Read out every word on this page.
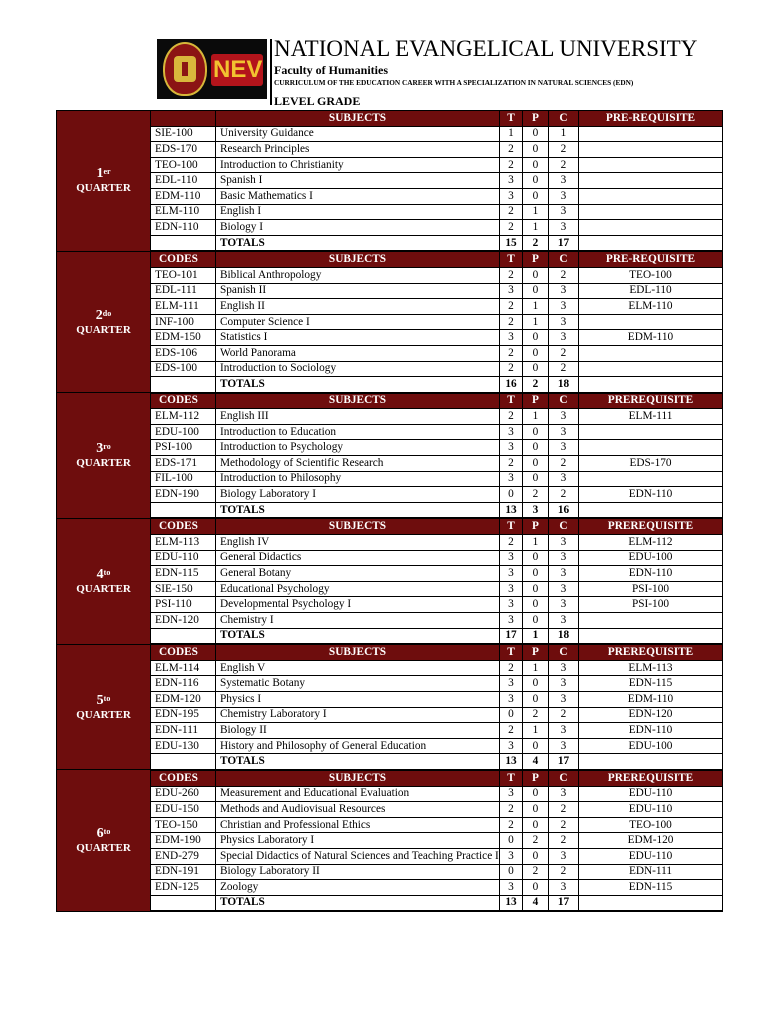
NEV
NATIONAL EVANGELICAL UNIVERSITY
Faculty of Humanities
CURRICULUM OF THE EDUCATION CAREER WITH A SPECIALIZATION IN NATURAL SCIENCES (EDN)
LEVEL GRADE
1er
QUARTER		SUBJECTS	T	P	C	PRE-REQUISITE
	SIE-100	University Guidance	1	0	1	
	EDS-170	Research Principles	2	0	2	
	TEO-100	Introduction to Christianity	2	0	2	
	EDL-110	Spanish I	3	0	3	
	EDM-110	Basic Mathematics I	3	0	3	
	ELM-110	English I	2	1	3	
	EDN-110	Biology I	2	1	3	
		TOTALS	15	2	17	

$2^{do}$
QUARTER	CODES	SUBJECTS	T	P	C	PRE-REQUISITE
	TEO-101	Biblical Anthropology	2	0	2	TEO-100
	EDL-111	Spanish II	3	0	3	EDL-110
	ELM-111	English II	2	1	3	ELM-110
	INF-100	Computer Science I	2	1	3	
	EDM-150	Statistics I	3	0	3	EDM-110
	EDS-106	World Panorama	2	0	2	
	EDS-100	Introduction to Sociology	2	0	2	
		TOTALS	16	2	18	

$3^{ro}$
QUARTER	CODES	SUBJECTS	T	P	C	PREREQUISITE
	ELM-112	English III	2	1	3	ELM-111
	EDU-100	Introduction to Education	3	0	3	
	PSI-100	Introduction to Psychology	3	0	3	
	EDS-171	Methodology of Scientific Research	2	0	2	EDS-170
	FIL-100	Introduction to Philosophy	3	0	3	
	EDN-190	Biology Laboratory I	0	2	2	EDN-110
		TOTALS	13	3	16	

$4^{to}$
QUARTER	CODES	SUBJECTS	T	P	C	PREREQUISITE
	ELM-113	English IV	2	1	3	ELM-112
	EDU-110	General Didactics	3	0	3	EDU-100
	EDN-115	General Botany	3	0	3	EDN-110
	SIE-150	Educational Psychology	3	0	3	PSI-100
	PSI-110	Developmental Psychology I	3	0	3	PSI-100
	EDN-120	Chemistry I	3	0	3	
		TOTALS	17	1	18	

$5^{to}$
QUARTER	CODES	SUBJECTS	T	P	C	PREREQUISITE
	ELM-114	English V	2	1	3	ELM-113
	EDN-116	Systematic Botany	3	0	3	EDN-115
	EDM-120	Physics I	3	0	3	EDM-110
	EDN-195	Chemistry Laboratory I	0	2	2	EDN-120
	EDN-111	Biology II	2	1	3	EDN-110
	EDU-130	History and Philosophy of General Education	3	0	3	EDU-100
		TOTALS	13	4	17	

$6^{to}$
QUARTER	CODES	SUBJECTS	T	P	C	PREREQUISITE
	EDU-260	Measurement and Educational Evaluation	3	0	3	EDU-110
	EDU-150	Methods and Audiovisual Resources	2	0	2	EDU-110
	TEO-150	Christian and Professional Ethics	2	0	2	TEO-100
	EDM-190	Physics Laboratory I	0	2	2	EDM-120
	END-279	Special Didactics of Natural Sciences and Teaching Practice I	3	0	3	EDU-110
	EDN-191	Biology Laboratory II	0	2	2	EDN-111
	EDN-125	Zoology	3	0	3	EDN-115
		TOTALS	13	4	17	
